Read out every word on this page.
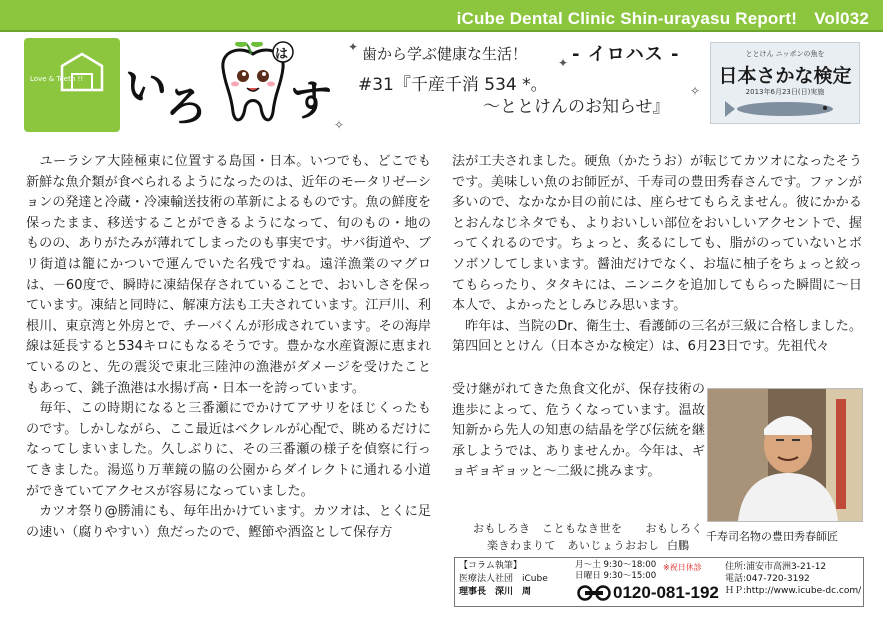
iCube Dental Clinic Shin-urayasu Report!　Vol032
Love & Teeth !! い
ろ
は
す
✦
✦
✧
✧
歯から学ぶ健康な生活！ - イロハス -
#31『千産千消 534 *。
～ととけんのお知らせ』
ととけん ニッポンの魚を
日本さかな検定
2013年6月23日(日)実施

　ユーラシア大陸極東に位置する島国・日本。いつでも、どこでも新鮮な魚介類が食べられるようになったのは、近年のモータリゼーションの発達と冷蔵・冷凍輸送技術の革新によるものです。魚の鮮度を保ったまま、移送することができるようになって、旬のもの・地のものの、ありがたみが薄れてしまったのも事実です。サバ街道や、ブリ街道は籠にかついで運んでいた名残ですね。遠洋漁業のマグロは、－60度で、瞬時に凍結保存されていることで、おいしさを保っています。凍結と同時に、解凍方法も工夫されています。江戸川、利根川、東京湾と外房とで、チーバくんが形成されています。その海岸線は延長すると534キロにもなるそうです。豊かな水産資源に恵まれているのと、先の震災で東北三陸沖の漁港がダメージを受けたこともあって、銚子漁港は水揚げ高・日本一を誇っています。

　毎年、この時期になると三番瀬にでかけてアサリをほじくったものです。しかしながら、ここ最近はベクレルが心配で、眺めるだけになってしまいました。久しぶりに、その三番瀬の様子を偵察に行ってきました。湯巡り万華鏡の脇の公園からダイレクトに通れる小道ができていてアクセスが容易になっていました。

　カツオ祭り@勝浦にも、毎年出かけています。カツオは、とくに足の速い（腐りやすい）魚だったので、鰹節や酒盗として保存方

法が工夫されました。硬魚（かたうお）が転じてカツオになったそうです。美味しい魚のお師匠が、千寿司の豊田秀春さんです。ファンが多いので、なかなか目の前には、座らせてもらえません。彼にかかるとおんなじネタでも、よりおいしい部位をおいしいアクセントで、握ってくれるのです。ちょっと、炙るにしても、脂がのっていないとボソボソしてしまいます。醤油だけでなく、お塩に柚子をちょっと絞ってもらったり、タタキには、ニンニクを追加してもらった瞬間に～日本人で、よかったとしみじみ思います。

　昨年は、当院のDr、衛生士、看護師の三名が三級に合格しました。第四回ととけん（日本さかな検定）は、6月23日です。先祖代々

受け継がれてきた魚食文化が、保存技術の進歩によって、危うくなっています。温故知新から先人の知恵の結晶を学び伝統を継承しようでは、ありませんか。今年は、ギョギョギョッと～二級に挑みます。

千寿司名物の豊田秀春師匠
おもしろき　こともなき世を　　おもしろく
楽きわまりて　あいじょうおおし 白鵬
【コラム執筆】
医療法人社団　iCube
理事長　深川　周
月～土 9:30～18:00
日曜日 9:30～15:00
※祝日休診
0120-081-192
住所:浦安市高洲3-21-12
電話:047-720-3192
ＨＰ:http://www.icube-dc.com/
